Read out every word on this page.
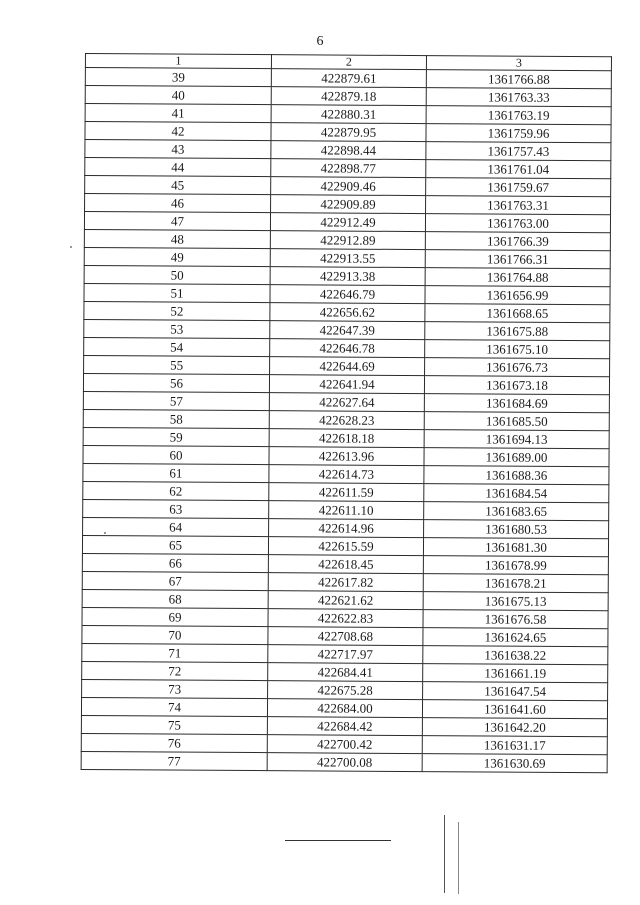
6
1	2	3
39	422879.61	1361766.88
40	422879.18	1361763.33
41	422880.31	1361763.19
42	422879.95	1361759.96
43	422898.44	1361757.43
44	422898.77	1361761.04
45	422909.46	1361759.67
46	422909.89	1361763.31
47	422912.49	1361763.00
48	422912.89	1361766.39
49	422913.55	1361766.31
50	422913.38	1361764.88
51	422646.79	1361656.99
52	422656.62	1361668.65
53	422647.39	1361675.88
54	422646.78	1361675.10
55	422644.69	1361676.73
56	422641.94	1361673.18
57	422627.64	1361684.69
58	422628.23	1361685.50
59	422618.18	1361694.13
60	422613.96	1361689.00
61	422614.73	1361688.36
62	422611.59	1361684.54
63	422611.10	1361683.65
64	422614.96	1361680.53
65	422615.59	1361681.30
66	422618.45	1361678.99
67	422617.82	1361678.21
68	422621.62	1361675.13
69	422622.83	1361676.58
70	422708.68	1361624.65
71	422717.97	1361638.22
72	422684.41	1361661.19
73	422675.28	1361647.54
74	422684.00	1361641.60
75	422684.42	1361642.20
76	422700.42	1361631.17
77	422700.08	1361630.69
